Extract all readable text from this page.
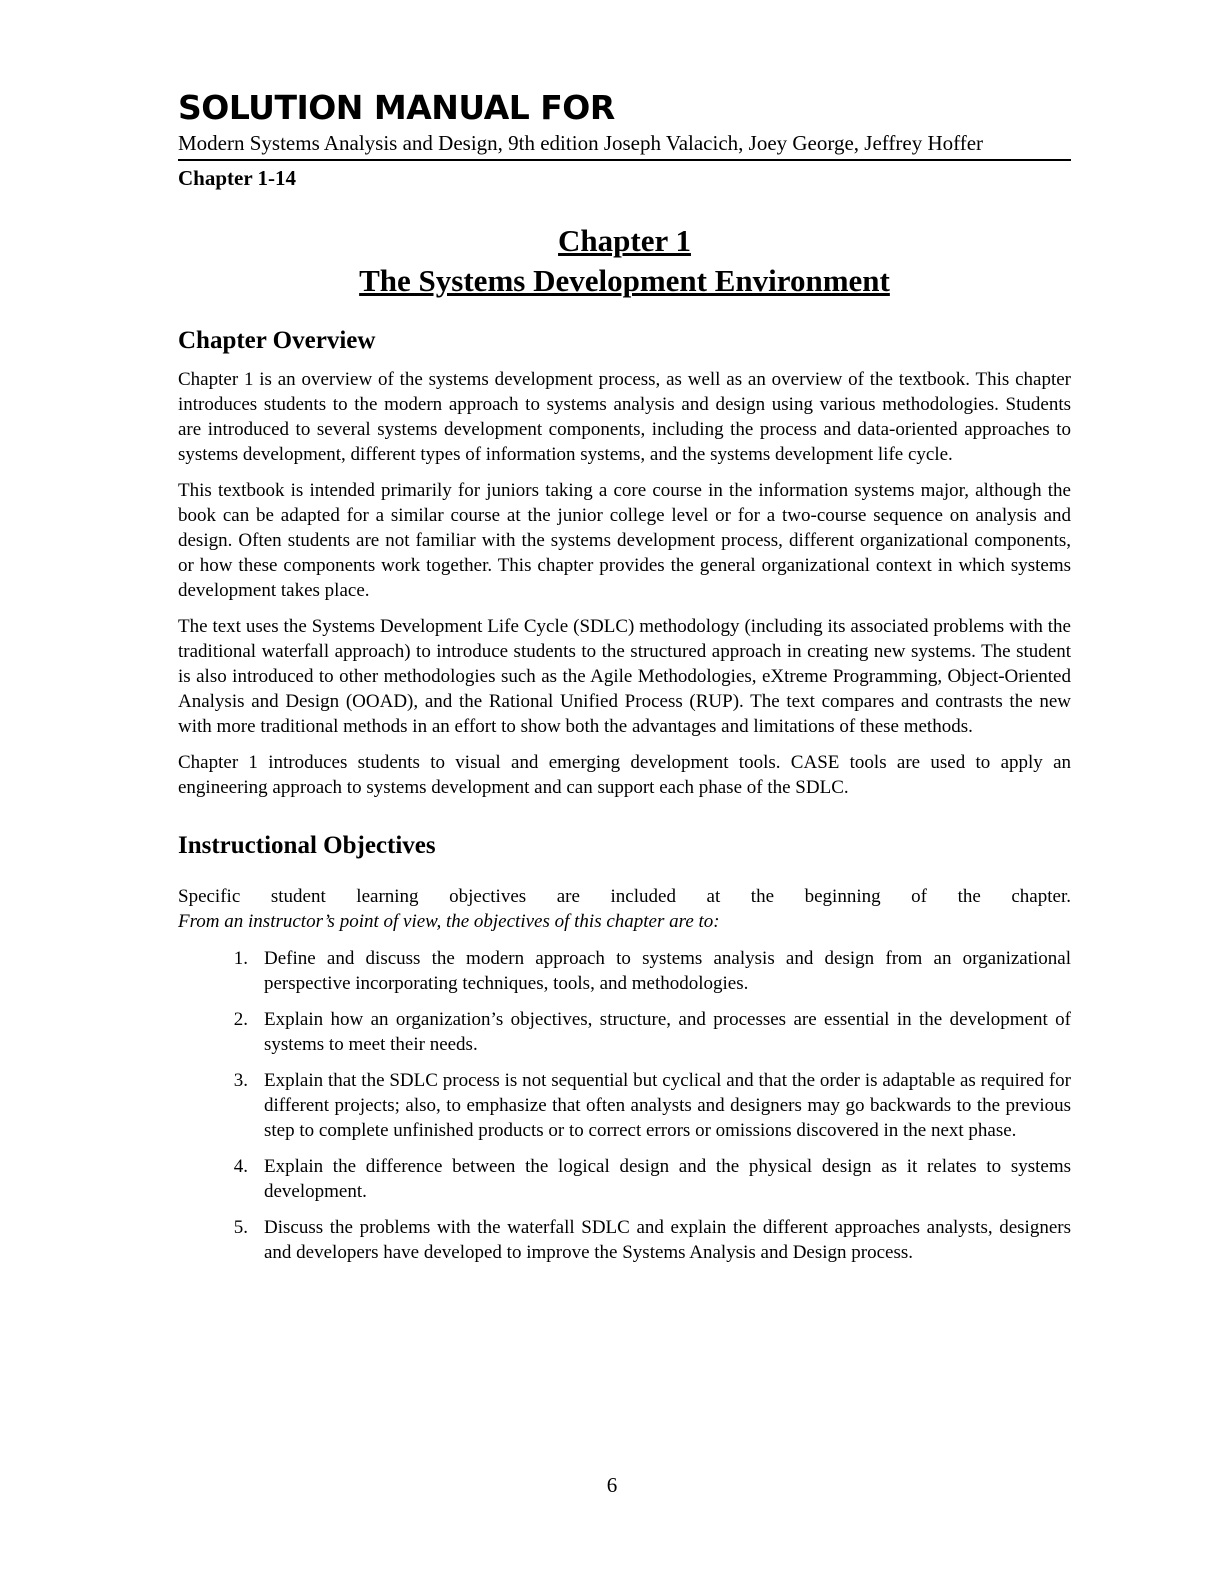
SOLUTION MANUAL FOR
Modern Systems Analysis and Design, 9th edition Joseph Valacich, Joey George, Jeffrey Hoffer
Chapter 1-14
Chapter 1
The Systems Development Environment
Chapter Overview

Chapter 1 is an overview of the systems development process, as well as an overview of the textbook. This chapter introduces students to the modern approach to systems analysis and design using various methodologies. Students are introduced to several systems development components, including the process and data-oriented approaches to systems development, different types of information systems, and the systems development life cycle.

This textbook is intended primarily for juniors taking a core course in the information systems major, although the book can be adapted for a similar course at the junior college level or for a two-course sequence on analysis and design. Often students are not familiar with the systems development process, different organizational components, or how these components work together. This chapter provides the general organizational context in which systems development takes place.

The text uses the Systems Development Life Cycle (SDLC) methodology (including its associated problems with the traditional waterfall approach) to introduce students to the structured approach in creating new systems. The student is also introduced to other methodologies such as the Agile Methodologies, eXtreme Programming, Object-Oriented Analysis and Design (OOAD), and the Rational Unified Process (RUP). The text compares and contrasts the new with more traditional methods in an effort to show both the advantages and limitations of these methods.

Chapter 1 introduces students to visual and emerging development tools. CASE tools are used to apply an engineering approach to systems development and can support each phase of the SDLC.

Instructional Objectives
Specific student learning objectives are included at the beginning of the chapter.
From an instructor’s point of view, the objectives of this chapter are to:
1. Define and discuss the modern approach to systems analysis and design from an organizational perspective incorporating techniques, tools, and methodologies.
2. Explain how an organization’s objectives, structure, and processes are essential in the development of systems to meet their needs.
3. Explain that the SDLC process is not sequential but cyclical and that the order is adaptable as required for different projects; also, to emphasize that often analysts and designers may go backwards to the previous step to complete unfinished products or to correct errors or omissions discovered in the next phase.
4. Explain the difference between the logical design and the physical design as it relates to systems development.
5. Discuss the problems with the waterfall SDLC and explain the different approaches analysts, designers and developers have developed to improve the Systems Analysis and Design process.
6
